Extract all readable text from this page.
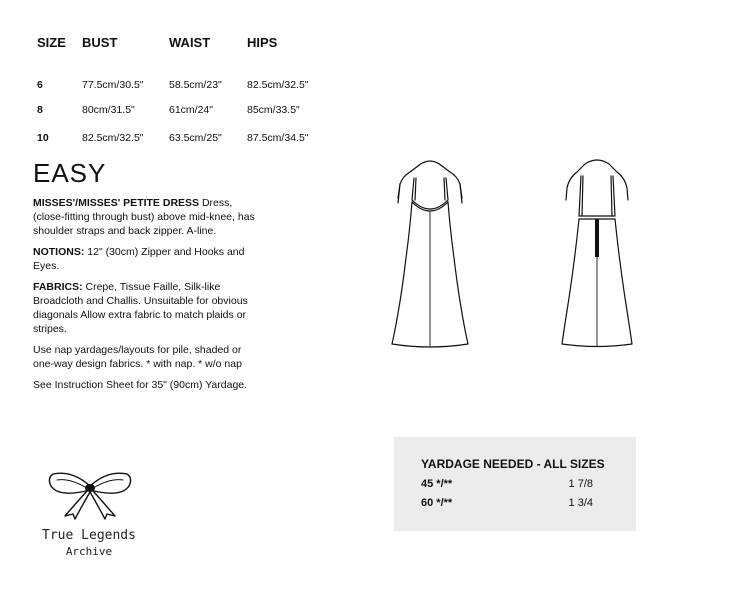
SIZE	BUST	WAIST	HIPS
6	77.5cm/30.5"	58.5cm/23"	82.5cm/32.5"
8	80cm/31.5"	61cm/24"	85cm/33.5"
10	82.5cm/32.5"	63.5cm/25"	87.5cm/34.5"
EASY

MISSES'/MISSES' PETITE DRESS Dress, (close-fitting through bust) above mid-knee, has shoulder straps and back zipper. A-line.

NOTIONS: 12" (30cm) Zipper and Hooks and Eyes.

FABRICS: Crepe, Tissue Faille, Silk-like Broadcloth and Challis. Unsuitable for obvious diagonals Allow extra fabric to match plaids or stripes.

Use nap yardages/layouts for pile, shaded or one-way design fabrics. * with nap. * w/o nap

See Instruction Sheet for 35" (90cm) Yardage.

YARDAGE NEEDED - ALL SIZES
45 */**	1 7/8
60 */**	1 3/4
True Legends
Archive
